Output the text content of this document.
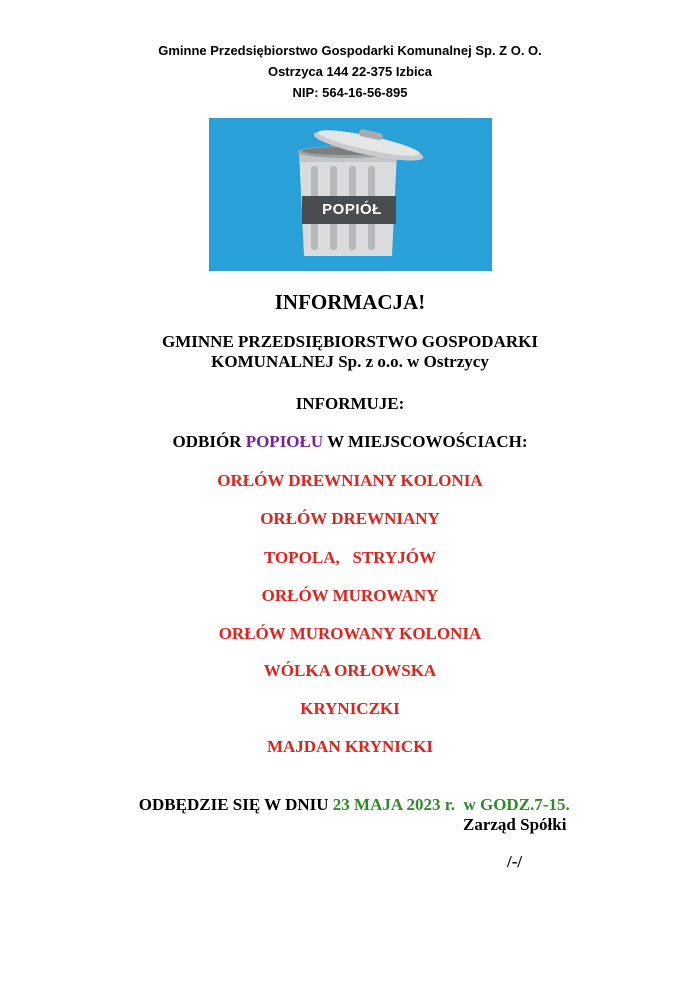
Gminne Przedsiębiorstwo Gospodarki Komunalnej Sp. Z O. O.
Ostrzyca 144 22-375 Izbica
NIP: 564-16-56-895
POPIÓŁ
INFORMACJA!
GMINNE PRZEDSIĘBIORSTWO GOSPODARKI
KOMUNALNEJ Sp. z o.o. w Ostrzycy
INFORMUJE:
ODBIÓR POPIOŁU W MIEJSCOWOŚCIACH:
ORŁÓW DREWNIANY KOLONIA
ORŁÓW DREWNIANY
TOPOLA,   STRYJÓW
ORŁÓW MUROWANY
ORŁÓW MUROWANY KOLONIA
WÓLKA ORŁOWSKA
KRYNICZKI
MAJDAN KRYNICKI

ODBĘDZIE SIĘ W DNIU 23 MAJA 2023 r.  w GODZ.7-15.

Zarząd Spółki
/-/
